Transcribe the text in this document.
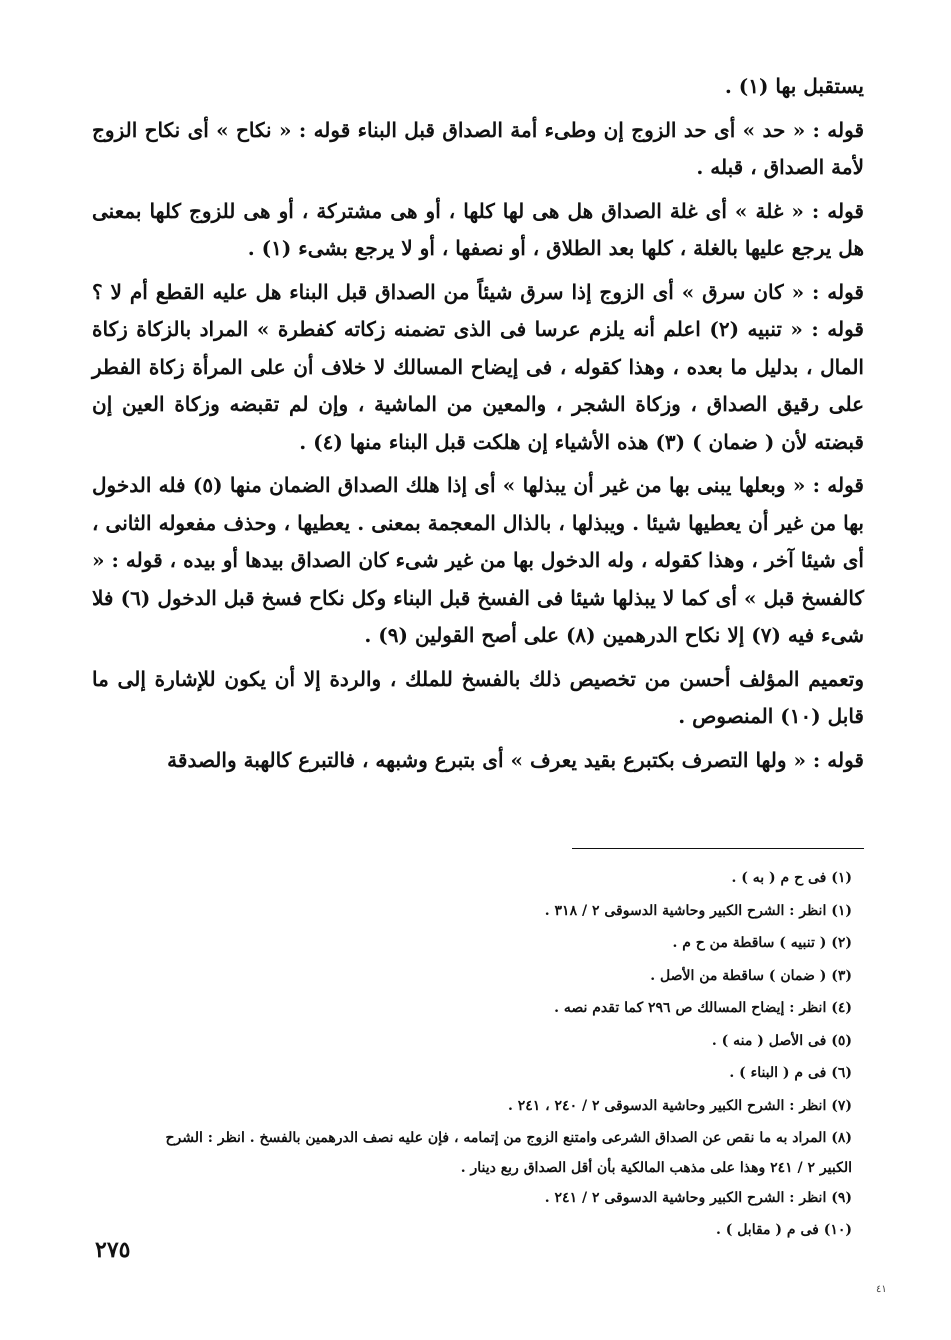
يستقبل بها (١) .

قوله : « حد » أى حد الزوج إن وطىء أمة الصداق قبل البناء قوله : « نكاح » أى نكاح الزوج لأمة الصداق ، قبله .

قوله : « غلة » أى غلة الصداق هل هى لها كلها ، أو هى مشتركة ، أو هى للزوج كلها بمعنى هل يرجع عليها بالغلة ، كلها بعد الطلاق ، أو نصفها ، أو لا يرجع بشىء (١) .

قوله : « كان سرق » أى الزوج إذا سرق شيئاً من الصداق قبل البناء هل عليه القطع أم لا ؟ قوله : « تنبيه (٢) اعلم أنه يلزم عرسا فى الذى تضمنه زكاته كفطرة » المراد بالزكاة زكاة المال ، بدليل ما بعده ، وهذا كقوله ، فى إيضاح المسالك لا خلاف أن على المرأة زكاة الفطر على رقيق الصداق ، وزكاة الشجر ، والمعين من الماشية ، وإن لم تقبضه وزكاة العين إن قبضته لأن ( ضمان ) (٣) هذه الأشياء إن هلكت قبل البناء منها (٤) .

قوله : « وبعلها يبنى بها من غير أن يبذلها » أى إذا هلك الصداق الضمان منها (٥) فله الدخول بها من غير أن يعطيها شيئا . ويبذلها ، بالذال المعجمة بمعنى . يعطيها ، وحذف مفعوله الثانى ، أى شيئا آخر ، وهذا كقوله ، وله الدخول بها من غير شىء كان الصداق بيدها أو بيده ، قوله : « كالفسخ قبل » أى كما لا يبذلها شيئا فى الفسخ قبل البناء وكل نكاح فسخ قبل الدخول (٦) فلا شىء فيه (٧) إلا نكاح الدرهمين (٨) على أصح القولين (٩) .

وتعميم المؤلف أحسن من تخصيص ذلك بالفسخ للملك ، والردة إلا أن يكون للإشارة إلى ما قابل (١٠) المنصوص .

قوله : « ولها التصرف بكتبرع بقيد يعرف » أى بتبرع وشبهه ، فالتبرع كالهبة والصدقة

(١) فى ح م ( به ) .

(١) انظر : الشرح الكبير وحاشية الدسوقى ٢ / ٣١٨ .

(٢) ( تنبيه ) ساقطة من ح م .

(٣) ( ضمان ) ساقطة من الأصل .

(٤) انظر : إيضاح المسالك ص ٢٩٦ كما تقدم نصه .

(٥) فى الأصل ( منه ) .

(٦) فى م ( البناء ) .

(٧) انظر : الشرح الكبير وحاشية الدسوقى ٢ / ٢٤٠ ، ٢٤١ .

(٨) المراد به ما نقص عن الصداق الشرعى وامتنع الزوج من إتمامه ، فإن عليه نصف الدرهمين بالفسخ . انظر : الشرح

الكبير ٢ / ٢٤١ وهذا على مذهب المالكية بأن أقل الصداق ربع دينار .

(٩) انظر : الشرح الكبير وحاشية الدسوقى ٢ / ٢٤١ .

(١٠) فى م ( مقابل ) .

٢٧٥
٤١
